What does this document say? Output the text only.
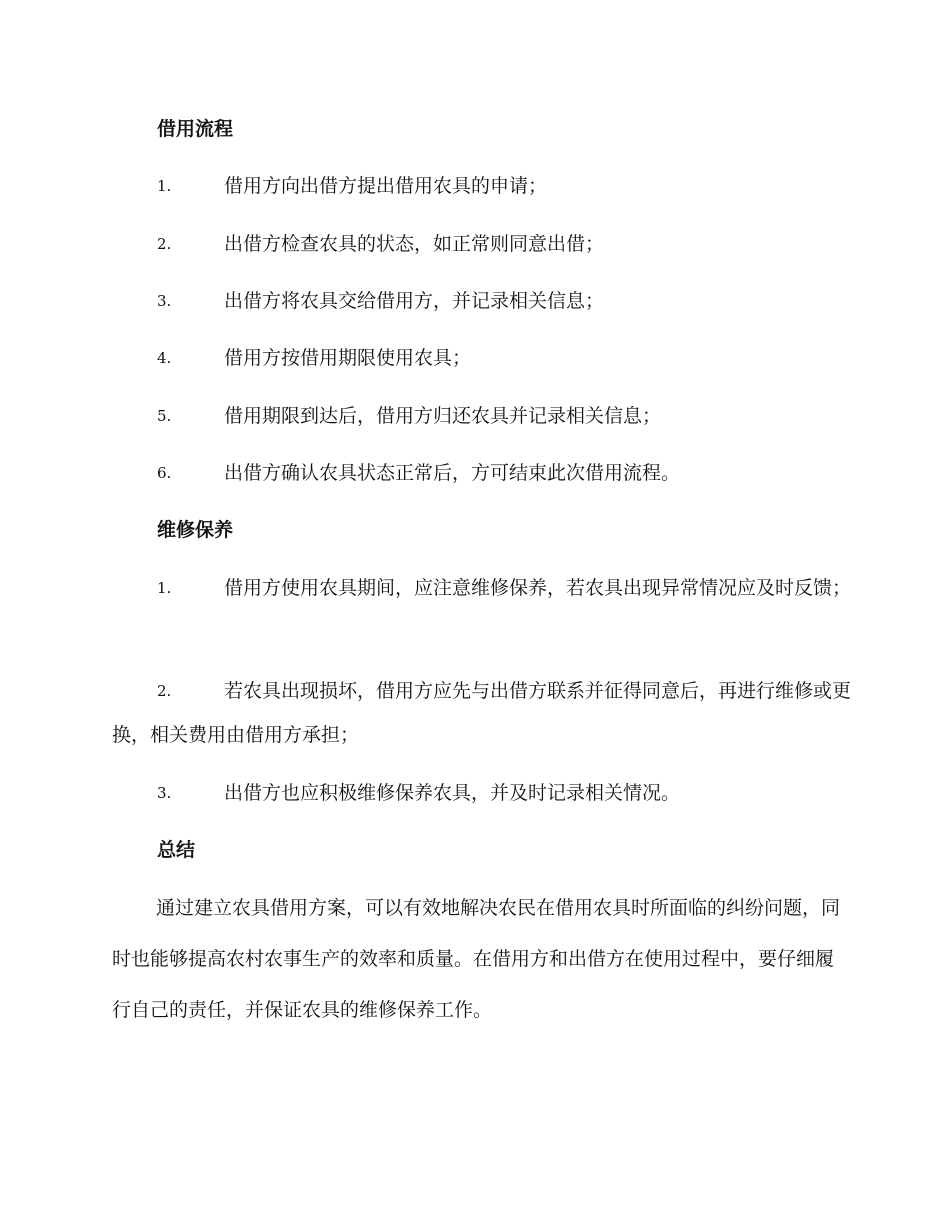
借用流程
1.	借用方向出借方提出借用农具的申请；
2.	出借方检查农具的状态，如正常则同意出借；
3.	出借方将农具交给借用方，并记录相关信息；
4.	借用方按借用期限使用农具；
5.	借用期限到达后，借用方归还农具并记录相关信息；
6.	出借方确认农具状态正常后，方可结束此次借用流程。
维修保养
1.	借用方使用农具期间，应注意维修保养，若农具出现异常情况应及时反馈；
2.	若农具出现损坏，借用方应先与出借方联系并征得同意后，再进行维修或更换，相关费用由借用方承担；
3.	出借方也应积极维修保养农具，并及时记录相关情况。
总结
通过建立农具借用方案，可以有效地解决农民在借用农具时所面临的纠纷问题，同时也能够提高农村农事生产的效率和质量。在借用方和出借方在使用过程中，要仔细履行自己的责任，并保证农具的维修保养工作。
